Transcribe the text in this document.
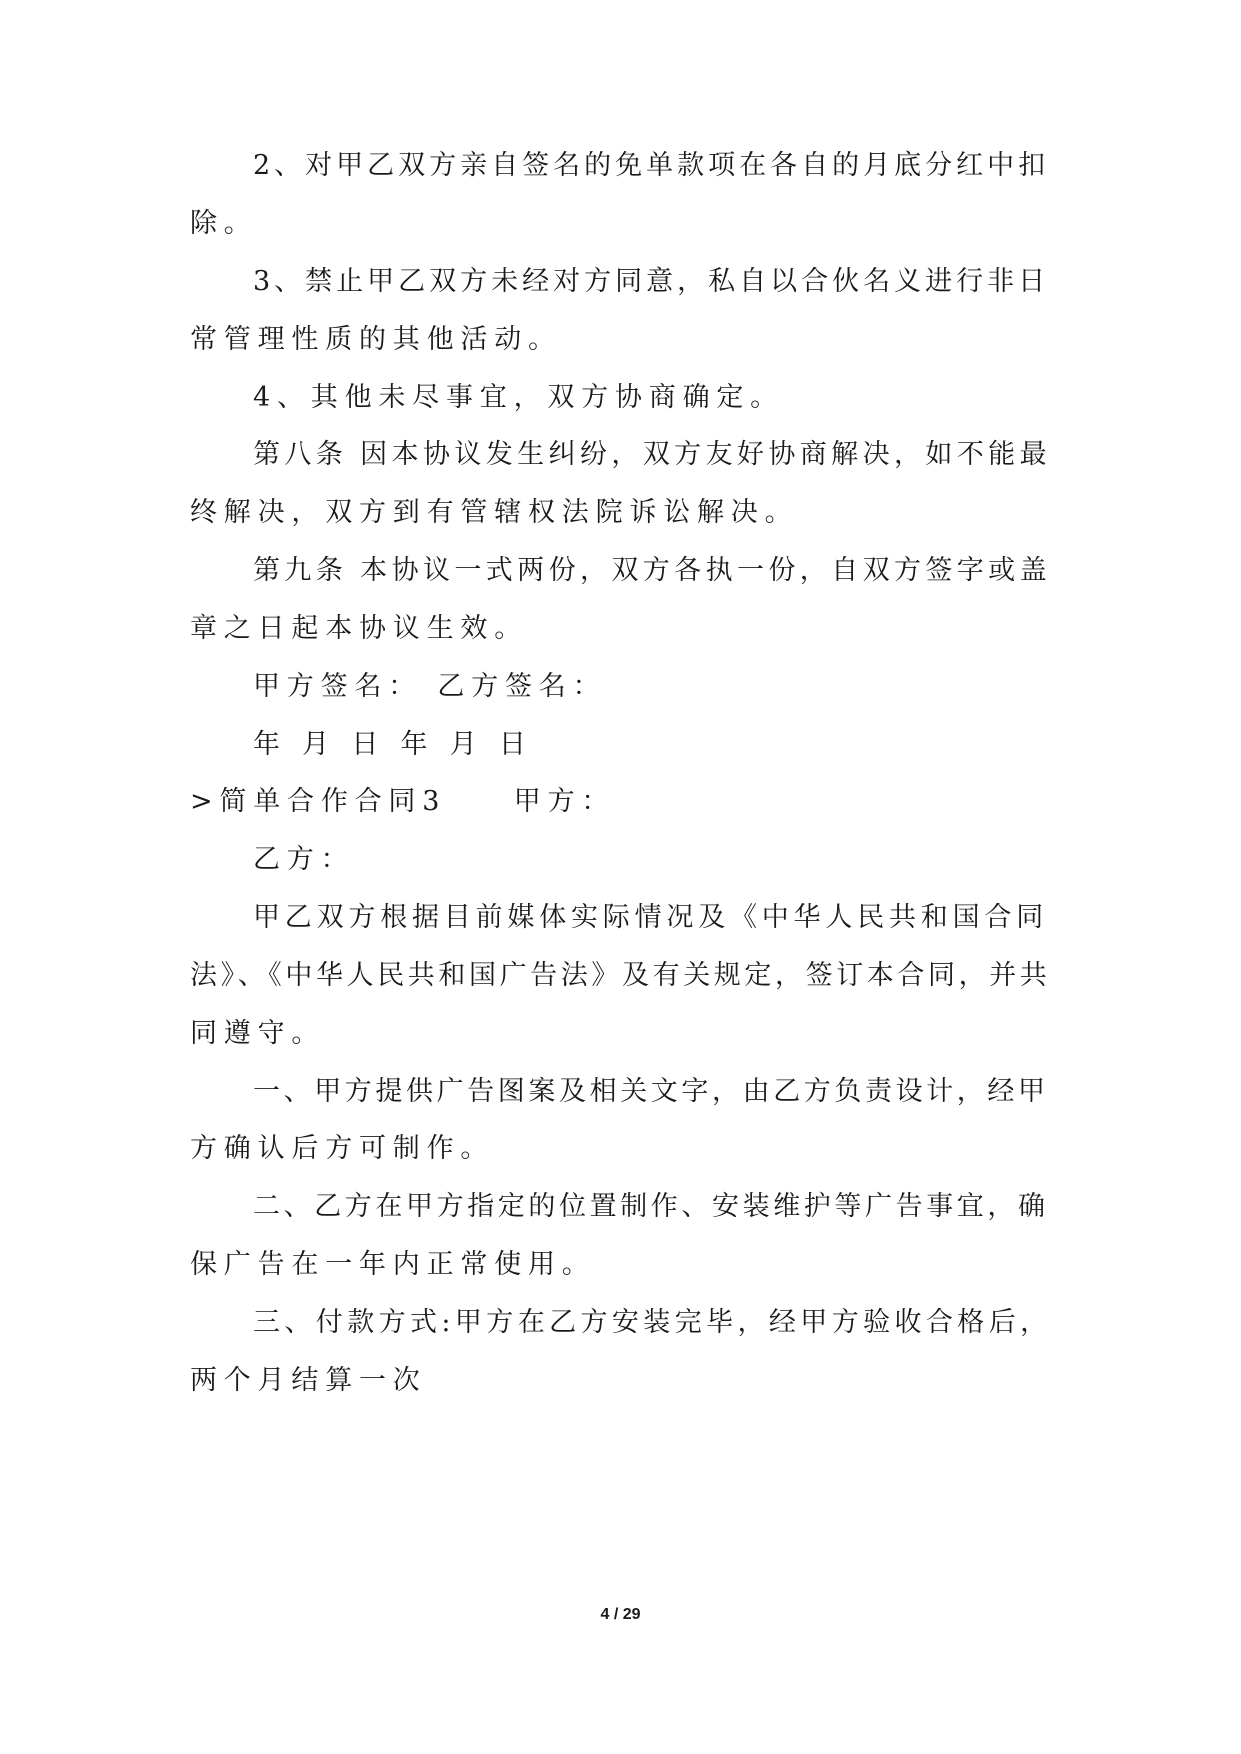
2、对甲乙双方亲自签名的免单款项在各自的月底分红中扣
除。
3、禁止甲乙双方未经对方同意，私自以合伙名义进行非日
常管理性质的其他活动。
4、其他未尽事宜，双方协商确定。
第八条 因本协议发生纠纷，双方友好协商解决，如不能最
终解决，双方到有管辖权法院诉讼解决。
第九条 本协议一式两份，双方各执一份，自双方签字或盖
章之日起本协议生效。
甲方签名： 乙方签名：
年 月 日 年 月 日
>简单合作合同3　　甲方：
乙方：
甲乙双方根据目前媒体实际情况及《中华人民共和国合同
法》、《中华人民共和国广告法》及有关规定，签订本合同，并共
同遵守。
一、甲方提供广告图案及相关文字，由乙方负责设计，经甲
方确认后方可制作。
二、乙方在甲方指定的位置制作、安装维护等广告事宜，确
保广告在一年内正常使用。
三、付款方式:甲方在乙方安装完毕，经甲方验收合格后，
两个月结算一次
4 / 29
